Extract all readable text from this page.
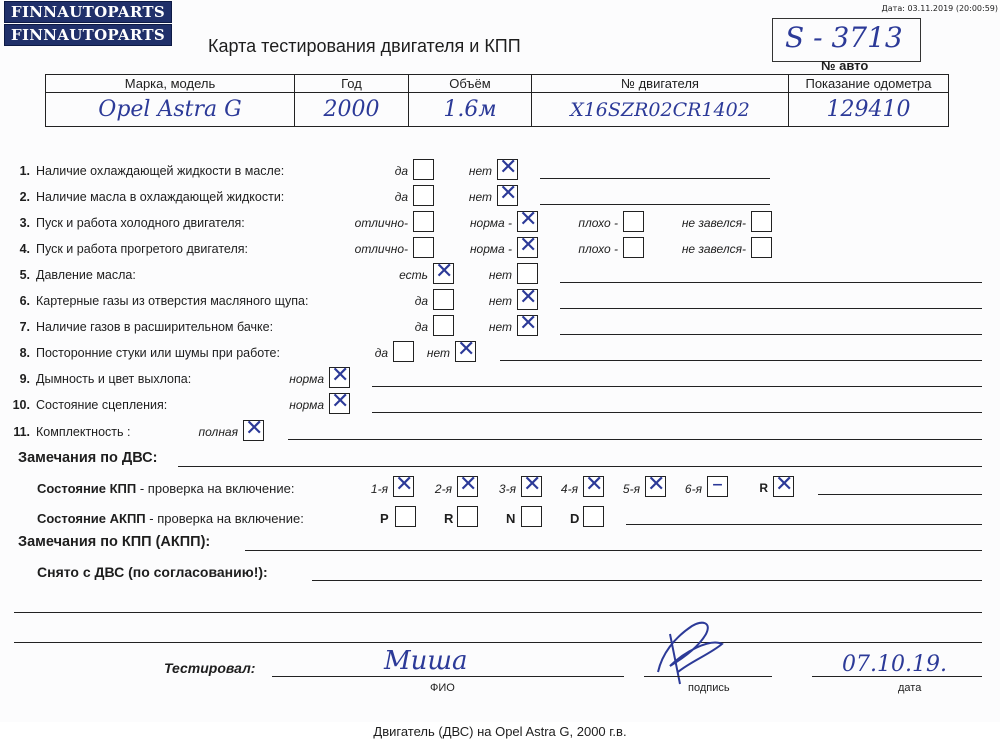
FINNAUTOPARTS
FINNAUTOPARTS
Дата: 03.11.2019 (20:00:59)
Карта тестирования двигателя и КПП	S - 3713
№ авто
Марка, модель	Год	Объём	№ двигателя	Показание одометра
Opel Astra G	2000	1.6м	X16SZR02CR1402	129410
1. Наличие охлаждающей жидкости в масле:	да	нет ✕
2. Наличие масла в охлаждающей жидкости:	да	нет ✕
3. Пуск и работа холодного двигателя:	отлично-	норма - ✕	плохо -	не завелся-
4. Пуск и работа прогретого двигателя:	отлично-	норма - ✕	плохо -	не завелся-
5. Давление масла:	есть ✕	нет
6. Картерные газы из отверстия масляного щупа:	да	нет ✕
7. Наличие газов в расширительном бачке:	да	нет ✕
8. Посторонние стуки или шумы при работе:	да	нет ✕
9. Дымность и цвет выхлопа:	норма ✕
10. Состояние сцепления:	норма ✕
11. Комплектность :	полная ✕
Замечания по ДВС:
Состояние КПП - проверка на включение:	1-я ✕	2-я ✕	3-я ✕	4-я ✕	5-я ✕	6-я –	R ✕
Состояние АКПП - проверка на включение:	P	R	N	D
Замечания по КПП (АКПП):
Снято с ДВС (по согласованию!):
Тестировал:	Миша
ФИО	подпись
07.10.19.
дата
Двигатель (ДВС) на Opel Astra G, 2000 г.в.
